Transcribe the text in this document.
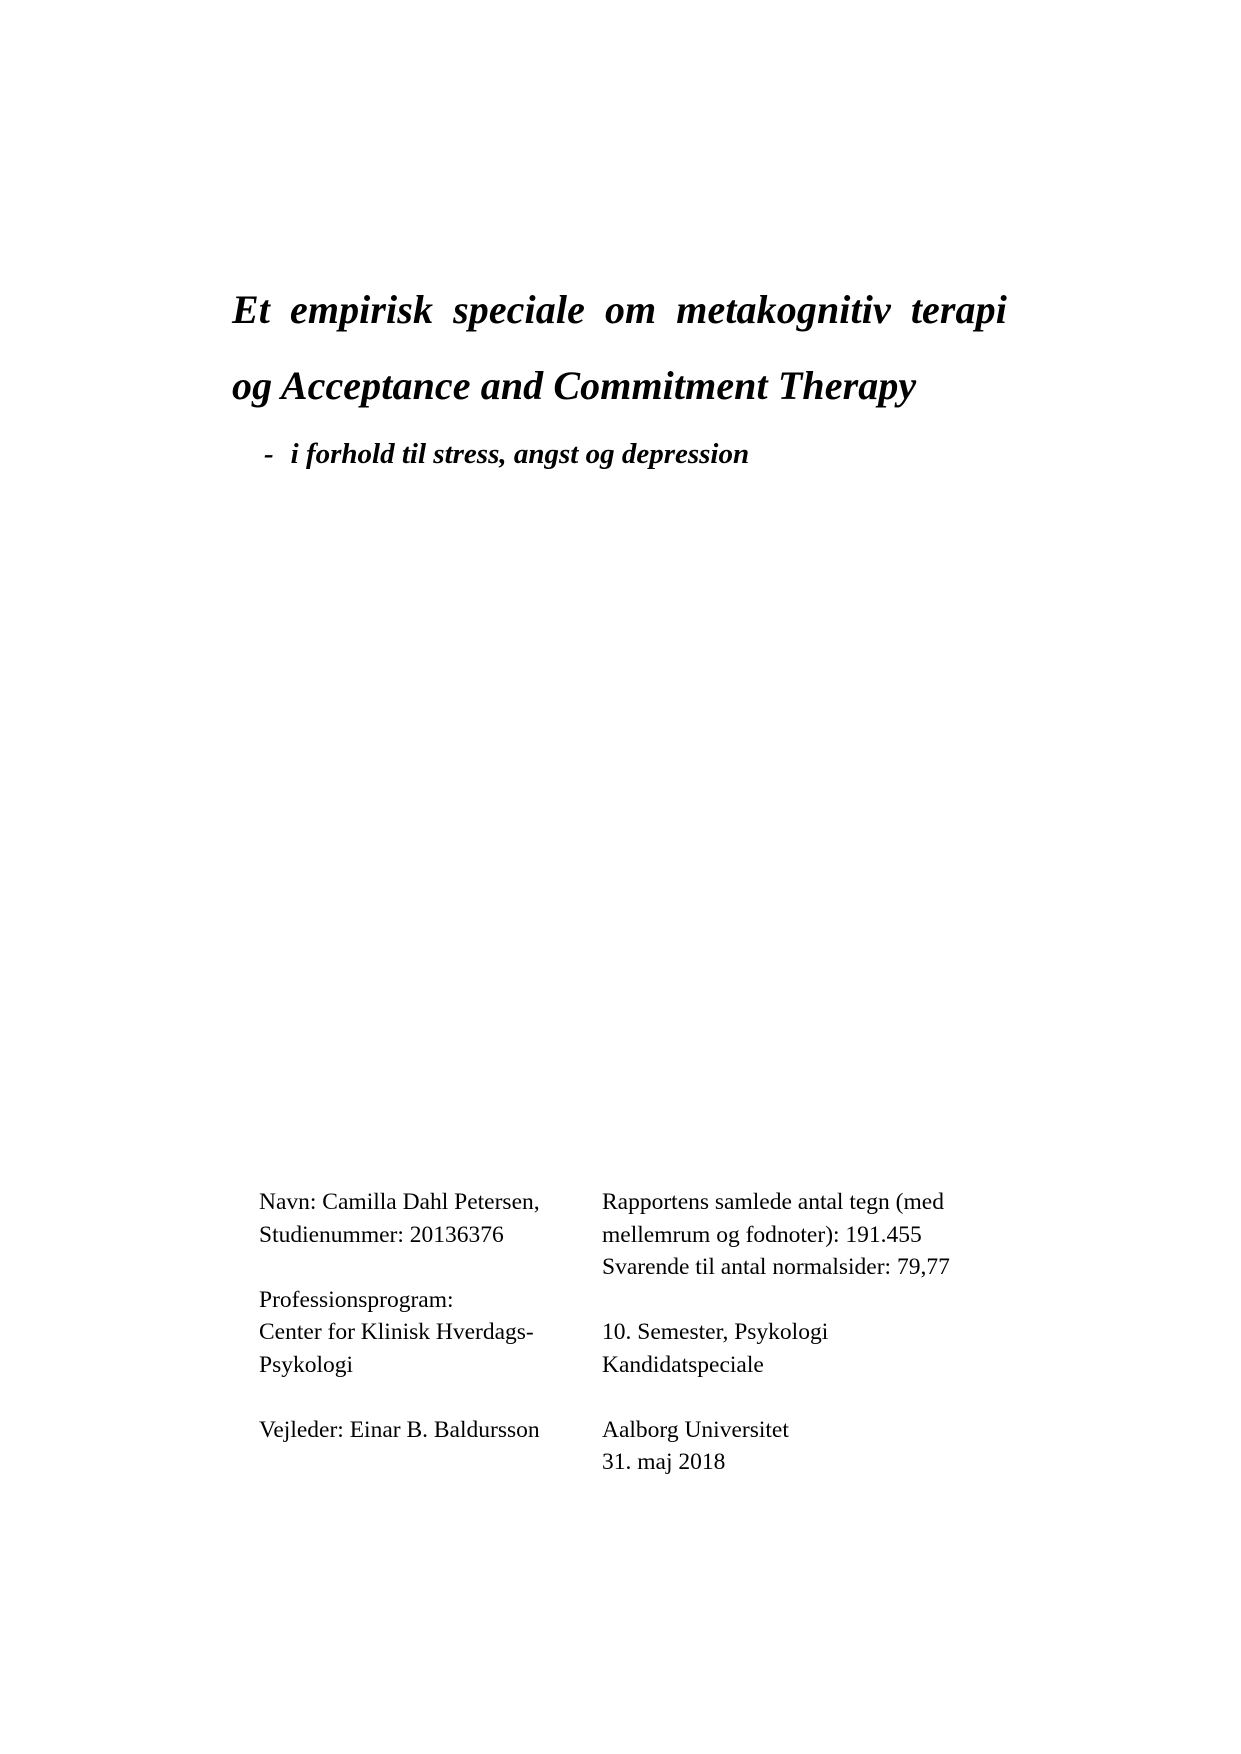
Et empirisk speciale om metakognitiv terapi
og Acceptance and Commitment Therapy
- i forhold til stress, angst og depression
Navn: Camilla Dahl Petersen,
Studienummer: 20136376
Professionsprogram:
Center for Klinisk Hverdags-
Psykologi
Vejleder: Einar B. Baldursson
Rapportens samlede antal tegn (med
mellemrum og fodnoter): 191.455
Svarende til antal normalsider: 79,77
10. Semester, Psykologi
Kandidatspeciale
Aalborg Universitet
31. maj 2018
